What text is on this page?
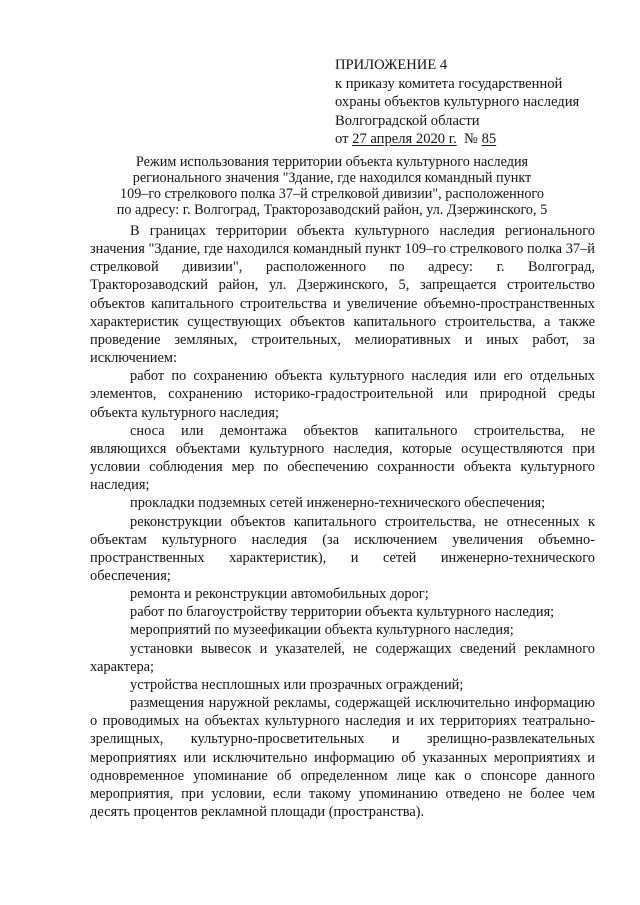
ПРИЛОЖЕНИЕ 4
к приказу комитета государственной
охраны объектов культурного наследия
Волгоградской области
от 27 апреля 2020 г. № 85
Режим использования территории объекта культурного наследия
регионального значения "Здание, где находился командный пункт
109–го стрелкового полка 37–й стрелковой дивизии", расположенного
по адресу: г. Волгоград, Тракторозаводский район, ул. Дзержинского, 5

В границах территории объекта культурного наследия регионального значения "Здание, где находился командный пункт 109–го стрелкового полка 37–й стрелковой дивизии", расположенного по адресу: г. Волгоград, Тракторозаводский район, ул. Дзержинского, 5, запрещается строительство объектов капитального строительства и увеличение объемно-пространственных характеристик существующих объектов капитального строительства, а также проведение земляных, строительных, мелиоративных и иных работ, за исключением:

работ по сохранению объекта культурного наследия или его отдельных элементов, сохранению историко-градостроительной или природной среды объекта культурного наследия;

сноса или демонтажа объектов капитального строительства, не являющихся объектами культурного наследия, которые осуществляются при условии соблюдения мер по обеспечению сохранности объекта культурного наследия;

прокладки подземных сетей инженерно-технического обеспечения;

реконструкции объектов капитального строительства, не отнесенных к объектам культурного наследия (за исключением увеличения объемно-пространственных характеристик), и сетей инженерно-технического обеспечения;

ремонта и реконструкции автомобильных дорог;

работ по благоустройству территории объекта культурного наследия;

мероприятий по музеефикации объекта культурного наследия;

установки вывесок и указателей, не содержащих сведений рекламного характера;

устройства несплошных или прозрачных ограждений;

размещения наружной рекламы, содержащей исключительно информацию о проводимых на объектах культурного наследия и их территориях театрально-зрелищных, культурно-просветительных и зрелищно-развлекательных мероприятиях или исключительно информацию об указанных мероприятиях и одновременное упоминание об определенном лице как о спонсоре данного мероприятия, при условии, если такому упоминанию отведено не более чем десять процентов рекламной площади (пространства).
